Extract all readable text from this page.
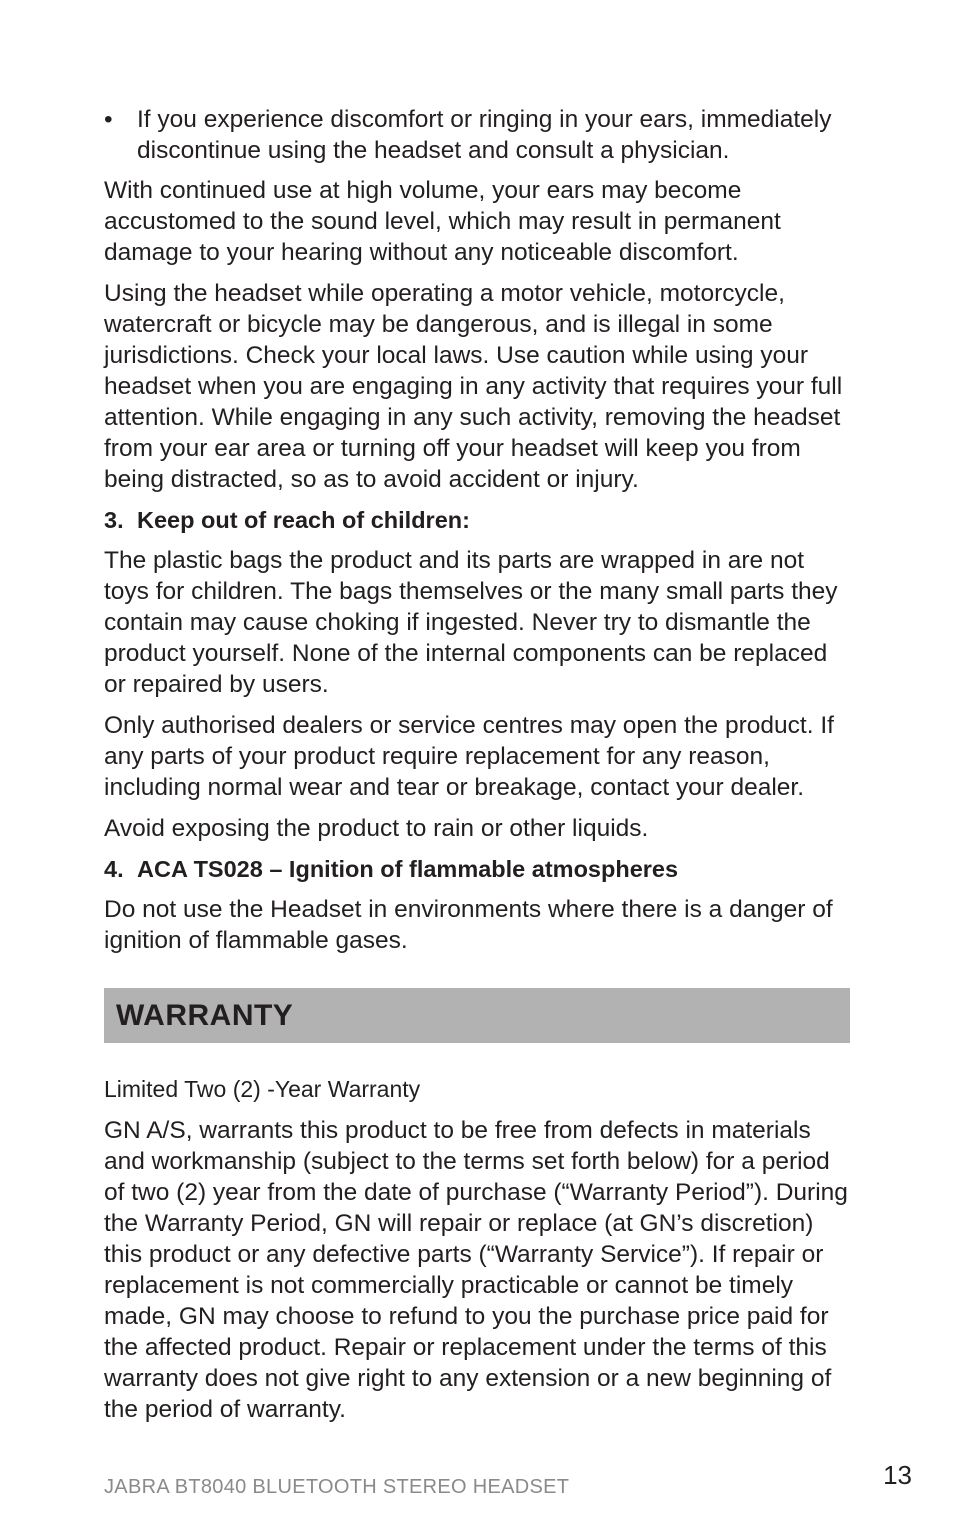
• If you experience discomfort or ringing in your ears, immediately discontinue using the headset and consult a physician.

With continued use at high volume, your ears may become accustomed to the sound level, which may result in permanent damage to your hearing without any noticeable discomfort.

Using the headset while operating a motor vehicle, motorcycle, watercraft or bicycle may be dangerous, and is illegal in some jurisdictions. Check your local laws. Use caution while using your headset when you are engaging in any activity that requires your full attention. While engaging in any such activity, removing the headset from your ear area or turning off your headset will keep you from being distracted, so as to avoid accident or injury.

3. Keep out of reach of children:

The plastic bags the product and its parts are wrapped in are not toys for children. The bags themselves or the many small parts they contain may cause choking if ingested. Never try to dismantle the product yourself. None of the internal components can be replaced or repaired by users.

Only authorised dealers or service centres may open the product. If any parts of your product require replacement for any reason, including normal wear and tear or breakage, contact your dealer.

Avoid exposing the product to rain or other liquids.

4. ACA TS028 – Ignition of flammable atmospheres

Do not use the Headset in environments where there is a danger of ignition of flammable gases.

WARRANTY

Limited Two (2) -Year Warranty

GN A/S, warrants this product to be free from defects in materials and workmanship (subject to the terms set forth below) for a period of two (2) year from the date of purchase (“Warranty Period”). During the Warranty Period, GN will repair or replace (at GN’s discretion) this product or any defective parts (“Warranty Service”). If repair or replacement is not commercially practicable or cannot be timely made, GN may choose to refund to you the purchase price paid for the affected product. Repair or replacement under the terms of this warranty does not give right to any extension or a new beginning of the period of warranty.

JABRA BT8040 BLUETOOTH STEREO HEADSET	13
